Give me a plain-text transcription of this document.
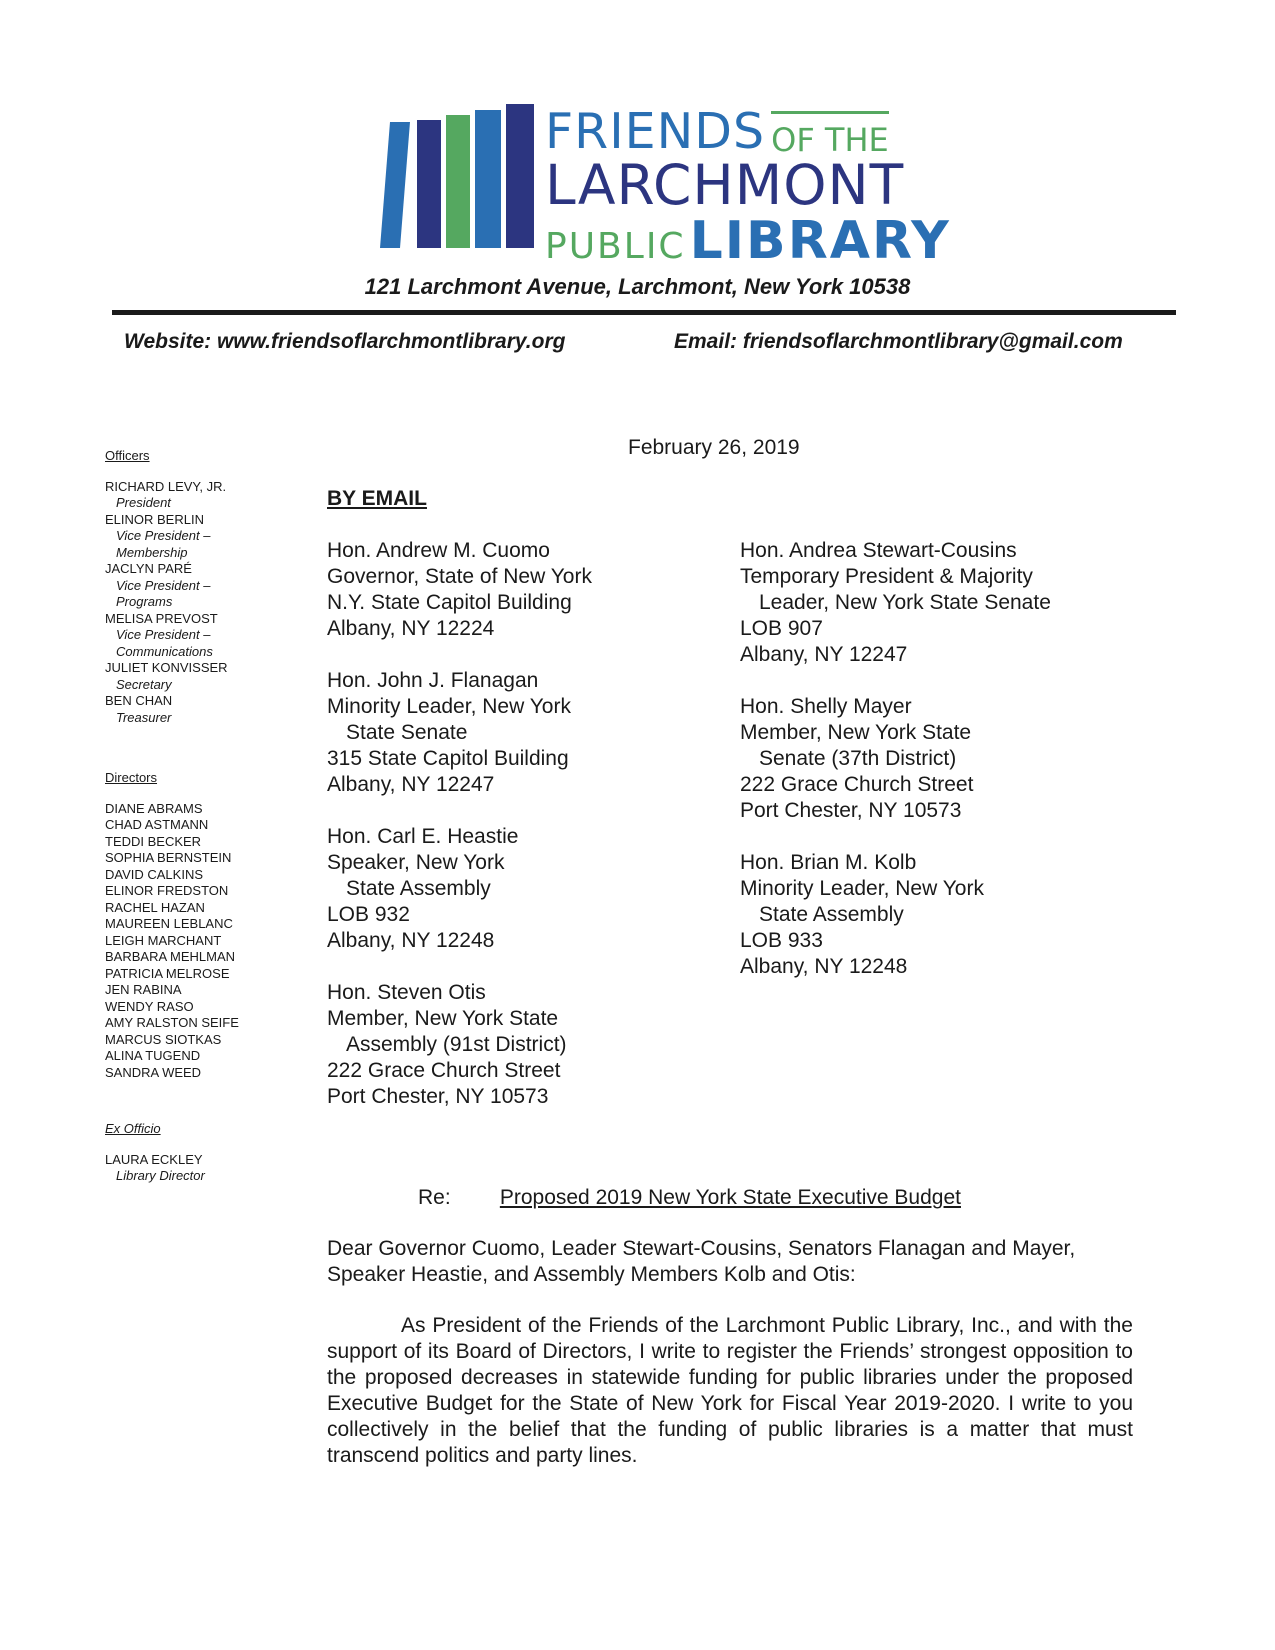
FRIENDS OF THE
LARCHMONT
PUBLIC LIBRARY
121 Larchmont Avenue, Larchmont, New York 10538
Website: www.friendsoflarchmontlibrary.org	Email: friendsoflarchmontlibrary@gmail.com
Officers
RICHARD LEVY, JR.
President
ELINOR BERLIN
Vice President –
Membership
JACLYN PARÉ
Vice President –
Programs
MELISA PREVOST
Vice President –
Communications
JULIET KONVISSER
Secretary
BEN CHAN
Treasurer
Directors
DIANE ABRAMS
CHAD ASTMANN
TEDDI BECKER
SOPHIA BERNSTEIN
DAVID CALKINS
ELINOR FREDSTON
RACHEL HAZAN
MAUREEN LEBLANC
LEIGH MARCHANT
BARBARA MEHLMAN
PATRICIA MELROSE
JEN RABINA
WENDY RASO
AMY RALSTON SEIFE
MARCUS SIOTKAS
ALINA TUGEND
SANDRA WEED
Ex Officio
LAURA ECKLEY
Library Director
February 26, 2019
BY EMAIL
Hon. Andrew M. Cuomo
Governor, State of New York
N.Y. State Capitol Building
Albany, NY 12224
Hon. John J. Flanagan
Minority Leader, New York
State Senate
315 State Capitol Building
Albany, NY 12247
Hon. Carl E. Heastie
Speaker, New York
State Assembly
LOB 932
Albany, NY 12248
Hon. Steven Otis
Member, New York State
Assembly (91st District)
222 Grace Church Street
Port Chester, NY 10573
Hon. Andrea Stewart-Cousins
Temporary President & Majority
Leader, New York State Senate
LOB 907
Albany, NY 12247
Hon. Shelly Mayer
Member, New York State
Senate (37th District)
222 Grace Church Street
Port Chester, NY 10573
Hon. Brian M. Kolb
Minority Leader, New York
State Assembly
LOB 933
Albany, NY 12248
Re: Proposed 2019 New York State Executive Budget
Dear Governor Cuomo, Leader Stewart-Cousins, Senators Flanagan and Mayer, Speaker Heastie, and Assembly Members Kolb and Otis:
As President of the Friends of the Larchmont Public Library, Inc., and with the support of its Board of Directors, I write to register the Friends’ strongest opposition to the proposed decreases in statewide funding for public libraries under the proposed Executive Budget for the State of New York for Fiscal Year 2019-2020. I write to you collectively in the belief that the funding of public libraries is a matter that must transcend politics and party lines.
